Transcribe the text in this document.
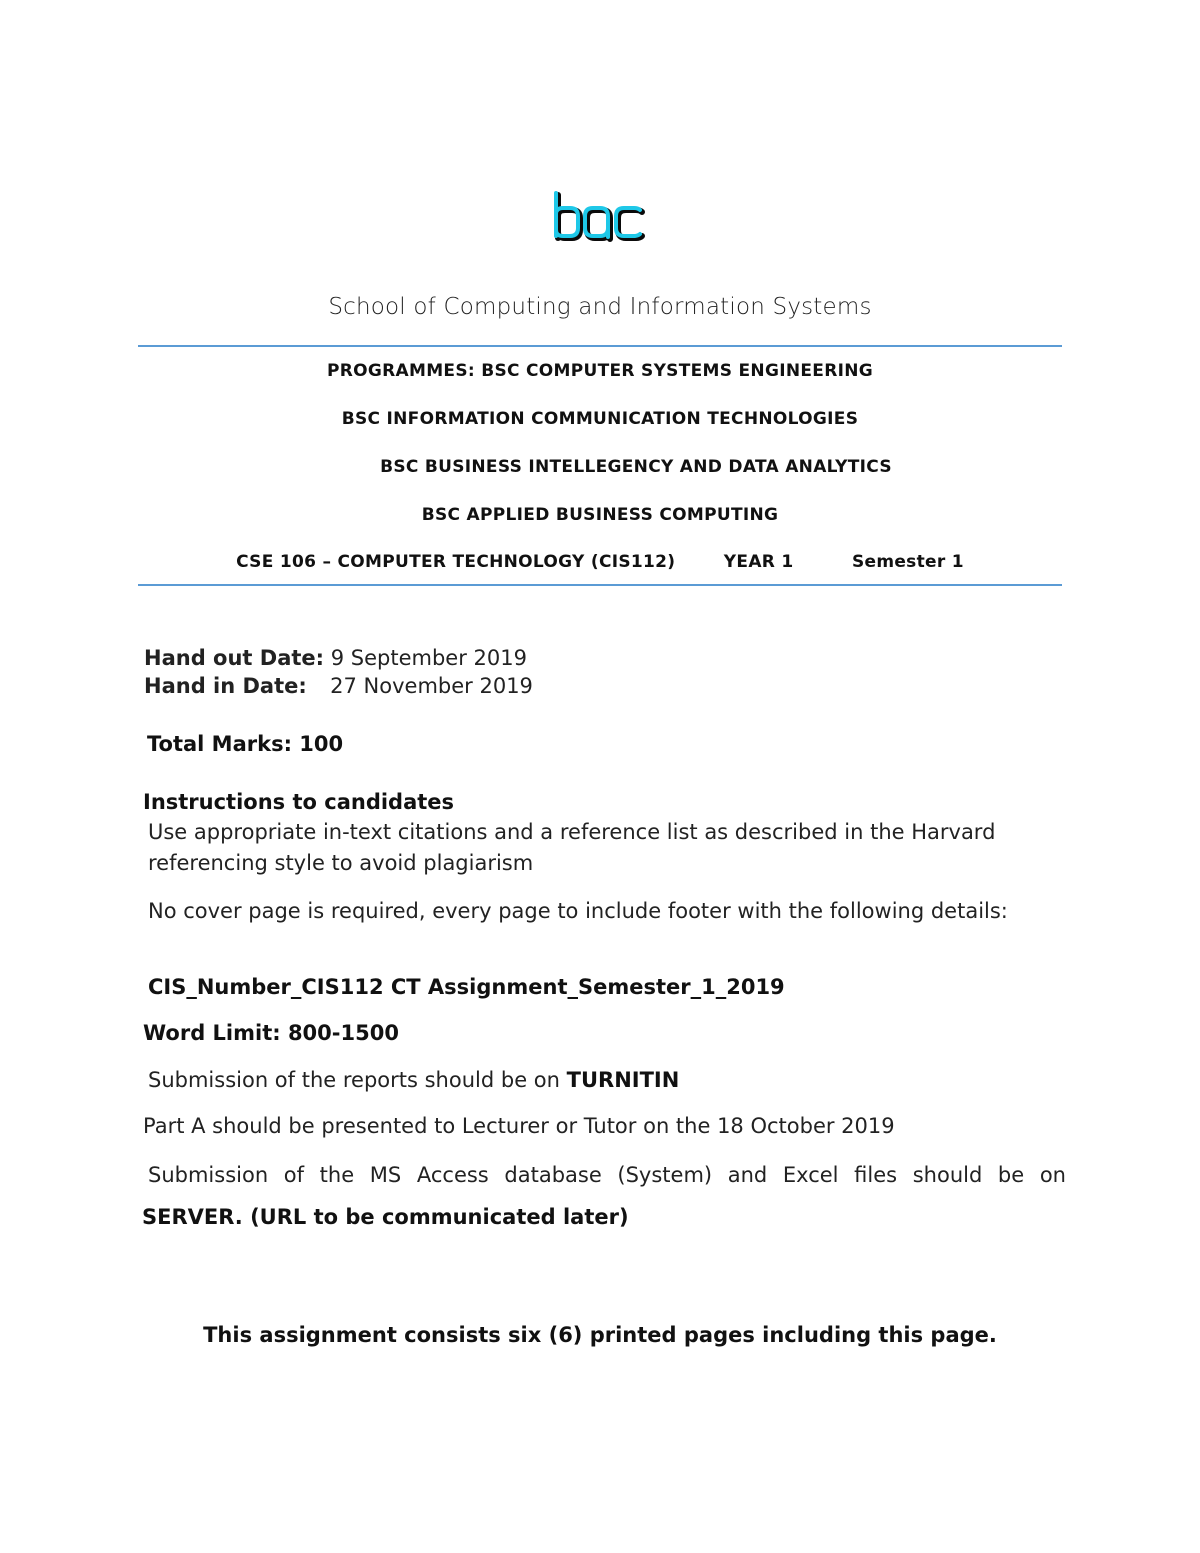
School of Computing and Information Systems
PROGRAMMES: BSC COMPUTER SYSTEMS ENGINEERING
BSC INFORMATION COMMUNICATION TECHNOLOGIES
BSC BUSINESS INTELLEGENCY AND DATA ANALYTICS
BSC APPLIED BUSINESS COMPUTING
CSE 106 – COMPUTER TECHNOLOGY (CIS112)	YEAR 1	Semester 1
Hand out Date: 9 September 2019
Hand in Date: 27 November 2019
Total Marks: 100
Instructions to candidates
Use appropriate in-text citations and a reference list as described in the Harvard referencing style to avoid plagiarism
No cover page is required, every page to include footer with the following details:
CIS_Number_CIS112 CT Assignment_Semester_1_2019
Word Limit: 800-1500
Submission of the reports should be on TURNITIN
Part A should be presented to Lecturer or Tutor on the 18 October 2019
Submission of the MS Access database (System) and Excel files should be on
SERVER. (URL to be communicated later)
This assignment consists six (6) printed pages including this page.
